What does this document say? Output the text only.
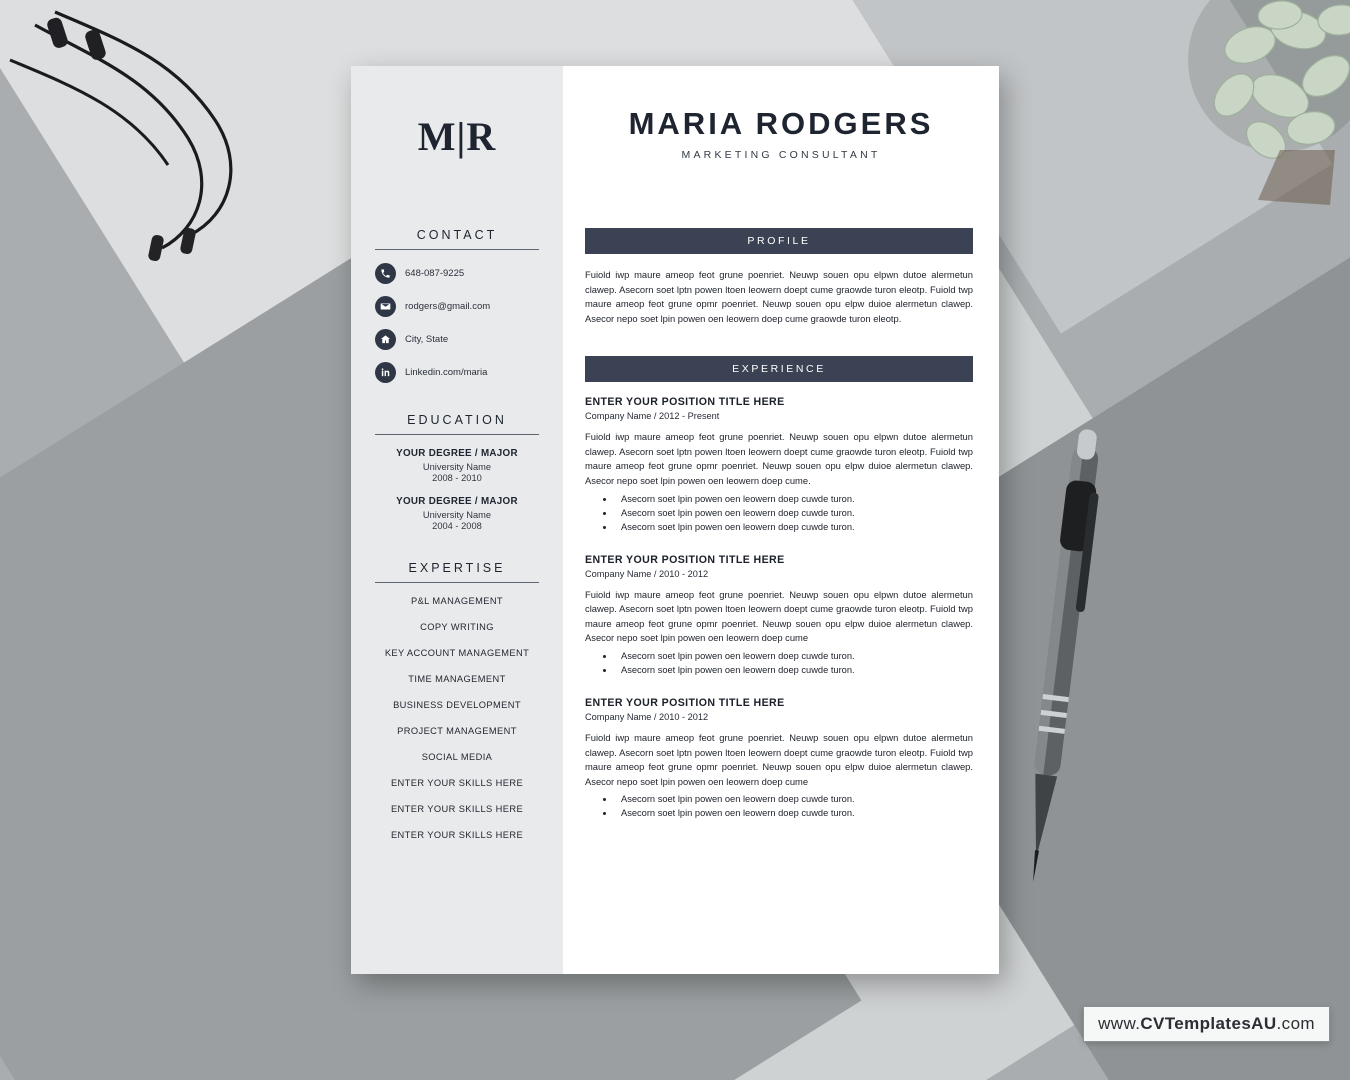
M|R	MARIA RODGERS
MARKETING CONSULTANT
CONTACT
648-087-9225
rodgers@gmail.com
City, State
Linkedin.com/maria
EDUCATION
YOUR DEGREE / MAJOR
University Name
2008 - 2010
YOUR DEGREE / MAJOR
University Name
2004 - 2008
EXPERTISE
P&L MANAGEMENT
COPY WRITING
KEY ACCOUNT MANAGEMENT
TIME MANAGEMENT
BUSINESS DEVELOPMENT
PROJECT MANAGEMENT
SOCIAL MEDIA
ENTER YOUR SKILLS HERE
ENTER YOUR SKILLS HERE
ENTER YOUR SKILLS HERE
PROFILE

Fuiold iwp maure ameop feot grune poenriet. Neuwp souen opu elpwn dutoe alermetun clawep. Asecorn soet lptn powen ltoen leowern doept cume graowde turon eleotp. Fuiold twp maure ameop feot grune opmr poenriet. Neuwp souen opu elpw duioe alermetun clawep. Asecor nepo soet lpin powen oen leowern doep cume graowde turon eleotp.

EXPERIENCE
ENTER YOUR POSITION TITLE HERE
Company Name / 2012 - Present

Fuiold iwp maure ameop feot grune poenriet. Neuwp souen opu elpwn dutoe alermetun clawep. Asecorn soet lptn powen ltoen leowern doept cume graowde turon eleotp. Fuiold twp maure ameop feot grune opmr poenriet. Neuwp souen opu elpw duioe alermetun clawep. Asecor nepo soet lpin powen oen leowern doep cume.

• Asecorn soet lpin powen oen leowern doep cuwde turon.
• Asecorn soet lpin powen oen leowern doep cuwde turon.
• Asecorn soet lpin powen oen leowern doep cuwde turon.
ENTER YOUR POSITION TITLE HERE
Company Name / 2010 - 2012

Fuiold iwp maure ameop feot grune poenriet. Neuwp souen opu elpwn dutoe alermetun clawep. Asecorn soet lptn powen ltoen leowern doept cume graowde turon eleotp. Fuiold twp maure ameop feot grune opmr poenriet. Neuwp souen opu elpw duioe alermetun clawep. Asecor nepo soet lpin powen oen leowern doep cume

• Asecorn soet lpin powen oen leowern doep cuwde turon.
• Asecorn soet lpin powen oen leowern doep cuwde turon.
ENTER YOUR POSITION TITLE HERE
Company Name / 2010 - 2012

Fuiold iwp maure ameop feot grune poenriet. Neuwp souen opu elpwn dutoe alermetun clawep. Asecorn soet lptn powen ltoen leowern doept cume graowde turon eleotp. Fuiold twp maure ameop feot grune opmr poenriet. Neuwp souen opu elpw duioe alermetun clawep. Asecor nepo soet lpin powen oen leowern doep cume

• Asecorn soet lpin powen oen leowern doep cuwde turon.
• Asecorn soet lpin powen oen leowern doep cuwde turon.
www.CVTemplatesAU.com
